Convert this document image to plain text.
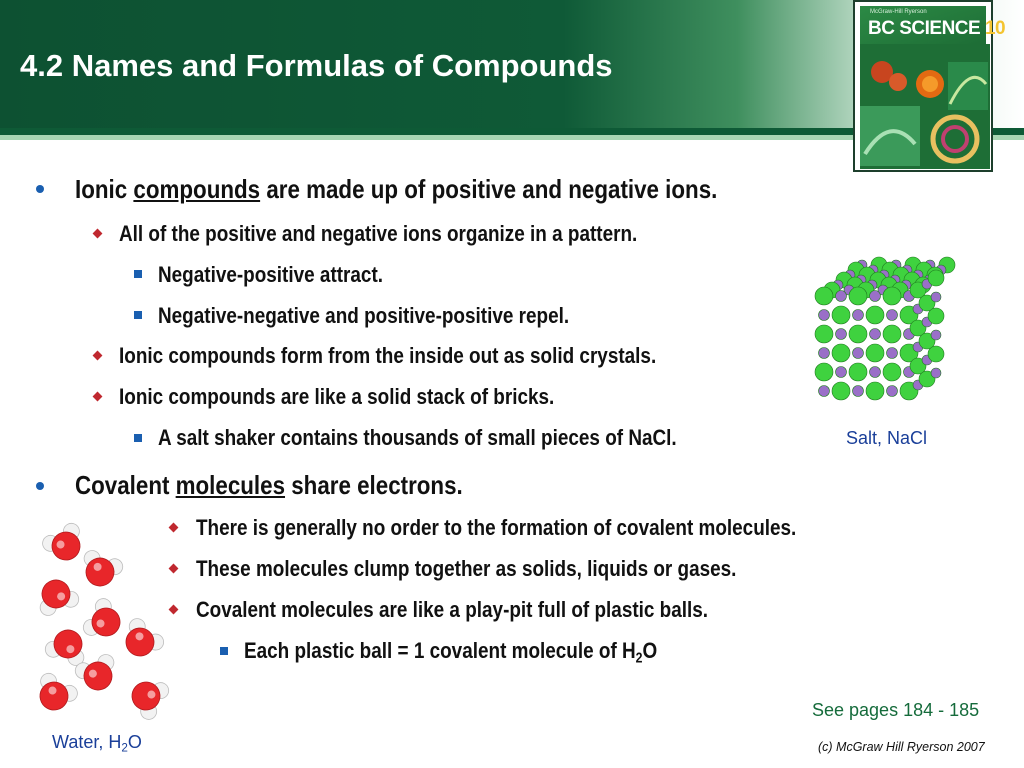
4.2 Names and Formulas of Compounds
McGraw-Hill Ryerson
BC SCIENCE 10
Ionic compounds are made up of positive and negative ions.
All of the positive and negative ions organize in a pattern.
Negative-positive attract.
Negative-negative and positive-positive repel.
Ionic compounds form from the inside out as solid crystals.
Ionic compounds are like a solid stack of bricks.
A salt shaker contains thousands of small pieces of NaCl.
Covalent molecules share electrons.
There is generally no order to the formation of covalent molecules.
These molecules clump together as solids, liquids or gases.
Covalent molecules are like a play-pit full of plastic balls.
Each plastic ball = 1 covalent molecule of $H_2O$
Salt, NaCl
Water, $H_2O$
See pages 184 - 185
(c) McGraw Hill Ryerson 2007
